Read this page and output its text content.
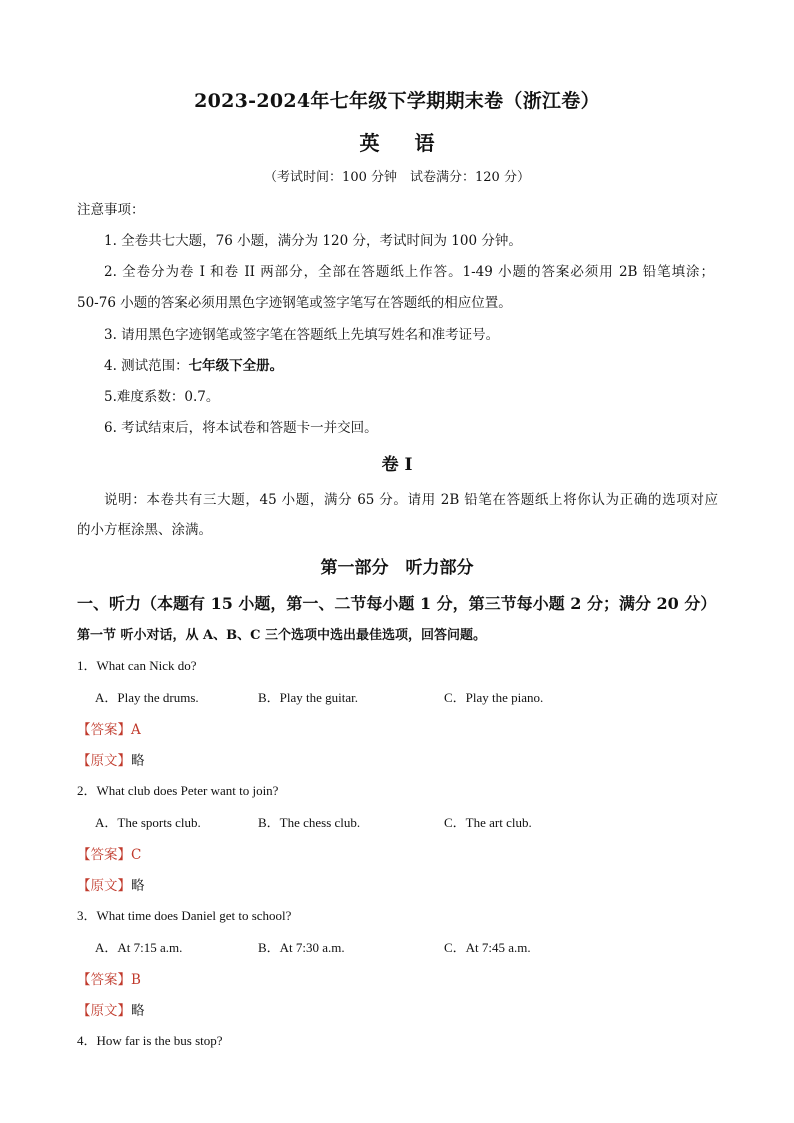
2023-2024年七年级下学期期末卷（浙江卷）
英 语
（考试时间：100 分钟　试卷满分：120 分）
注意事项：
1. 全卷共七大题，76 小题，满分为 120 分，考试时间为 100 分钟。
2. 全卷分为卷 I 和卷 II 两部分，全部在答题纸上作答。1-49 小题的答案必须用 2B 铅笔填涂；
50-76 小题的答案必须用黑色字迹钢笔或签字笔写在答题纸的相应位置。
3. 请用黑色字迹钢笔或签字笔在答题纸上先填写姓名和准考证号。
4. 测试范围：七年级下全册。
5.难度系数：0.7。
6. 考试结束后，将本试卷和答题卡一并交回。
卷 I
说明：本卷共有三大题，45 小题，满分 65 分。请用 2B 铅笔在答题纸上将你认为正确的选项对应
的小方框涂黑、涂满。
第一部分　听力部分
一、听力（本题有 15 小题，第一、二节每小题 1 分，第三节每小题 2 分；满分 20 分）
第一节 听小对话，从 A、B、C 三个选项中选出最佳选项，回答问题。
1．What can Nick do?
A．Play the drums.	B．Play the guitar.	C．Play the piano.
【答案】A
【原文】略
2．What club does Peter want to join?
A．The sports club.	B．The chess club.	C．The art club.
【答案】C
【原文】略
3．What time does Daniel get to school?
A．At 7:15 a.m.	B．At 7:30 a.m.	C．At 7:45 a.m.
【答案】B
【原文】略
4．How far is the bus stop?
